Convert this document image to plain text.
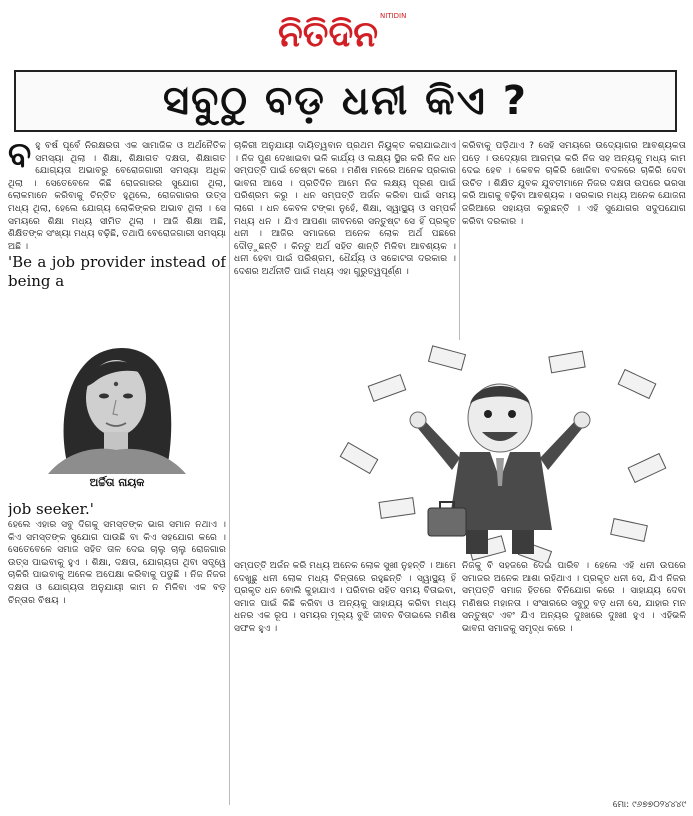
ନିତିଦିନ NITIDIN
ସବୁଠୁ ବଡ଼ ଧନୀ କିଏ ?
ବ ହୁ ବର୍ଷ ପୂର୍ବେ ନିରକ୍ଷରତା ଏକ ସାମାଜିକ ଓ ଅର୍ଥନୈତିକ ସମସ୍ୟା ଥିଲା । ଶିକ୍ଷା, ଶିକ୍ଷାଗତ ଦକ୍ଷତା, ଶିକ୍ଷାଗତ ଯୋଗ୍ୟତା ଅଭାବରୁ ବେରୋଜଗାରୀ ସମସ୍ୟା ଅଧିକ ଥିଲା । ସେତେବେଳେ କିଛି ରୋଜଗାରର ସୁଯୋଗ ଥିଲା, ଲୋକମାନେ କରିବାକୁ ଚିନ୍ତିତ ହୁଥିଲେ, ରୋଜଗାରର ଉତ୍ସ ମଧ୍ୟ ଥିଲା, ହେଲେ ଯୋଗ୍ୟ ଲୋକିଙ୍କର ଅଭାବ ଥିଲା । ସେ ସମୟରେ ଶିକ୍ଷା ମଧ୍ୟ ସୀମିତ ଥିଲା । ଆଜି ଶିକ୍ଷା ଅଛି, ଶିକ୍ଷିତଙ୍କ ସଂଖ୍ୟା ମଧ୍ୟ ବଢ଼ିଛି, ତଥାପି ବେରୋଜଗାରୀ ସମସ୍ୟା ଅଛି ।

'Be a job provider instead of being a

ଅର୍ଚ୍ଚିତା ନାୟକ

job seeker.'

ହେଲେ ଏହାର ସବୁ ଦିଗକୁ ସମସ୍ତଙ୍କ ଭାଗ ସମାନ ନଥାଏ । କିଏ ସମସ୍ତଙ୍କ ସୁଯୋଗ ପାଉଛି ବା କିଏ ସହଯୋଗ କରେ । ସେତେବେଳେ ସମାଜ ସହିତ ତାଳ ଦେଇ ଚାଲୁ ଚାଲୁ ରୋଜଗାର ଉତ୍ସ ପାଇବାକୁ ହୁଏ । ଶିକ୍ଷା, ଦକ୍ଷତା, ଯୋଗ୍ୟତା ଥିବା ସତ୍ତ୍ୱେ ଚାକିରି ପାଇବାକୁ ଅନେକ ଅପେକ୍ଷା କରିବାକୁ ପଡୁଛି । ନିଜ ନିଜର ଦକ୍ଷତା ଓ ଯୋଗ୍ୟତା ଅନୁଯାୟୀ କାମ ନ ମିଳିବା ଏକ ବଡ଼ ଚିନ୍ତାର ବିଷୟ ।

ଚାକିରୀ ଅନୁଯାୟୀ ଦାୟିତ୍ୱବାନ ପ୍ରଥମ ନିୟୁକ୍ତ କରାଯାଇଥାଏ । ନିଜ ପୁଣ ଦେଖାଇବା ଭଳି କାର୍ଯ୍ୟ ଓ ଲକ୍ଷ୍ୟ ସ୍ଥିର କରି ନିଜ ଧନ ସମ୍ପତ୍ତି ପାଇଁ ଚେଷ୍ଟା କରେ । ମଣିଷ ମନରେ ଅନେକ ପ୍ରକାର ଭାବନା ଆସେ । ପ୍ରତିଦିନ ଆମେ ନିଜ ଲକ୍ଷ୍ୟ ପୂରଣ ପାଇଁ ପରିଶ୍ରମ କରୁ । ଧନ ସମ୍ପତ୍ତି ଅର୍ଜନ କରିବା ପାଇଁ ସମୟ ଲାଗେ । ଧନ କେବଳ ଟଙ୍କା ନୁହେଁ, ଶିକ୍ଷା, ସ୍ୱାସ୍ଥ୍ୟ ଓ ସମ୍ପର୍କ ମଧ୍ୟ ଧନ । ଯିଏ ଆପଣା ଜୀବନରେ ସନ୍ତୁଷ୍ଟ ସେ ହିଁ ପ୍ରକୃତ ଧନୀ । ଆଜିର ସମାଜରେ ଅନେକ ଲୋକ ଅର୍ଥ ପଛରେ ଦୌଡ଼ୁଛନ୍ତି । କିନ୍ତୁ ଅର୍ଥ ସହିତ ଶାନ୍ତି ମିଳିବା ଆବଶ୍ୟକ । ଧନୀ ହେବା ପାଇଁ ପରିଶ୍ରମ, ଧୈର୍ଯ୍ୟ ଓ ସଚ୍ଚୋଟତା ଦରକାର । ଦେଶର ଅର୍ଥନୀତି ପାଇଁ ମଧ୍ୟ ଏହା ଗୁରୁତ୍ୱପୂର୍ଣ୍ଣ ।

କରିବାକୁ ପଡ଼ିଥାଏ ? ସେହି ସମୟରେ ଉଦ୍ୟୋଗର ଆବଶ୍ୟକତା ପଡ଼େ । ଉଦ୍ୟୋଗ ଆରମ୍ଭ କରି ନିଜ ସହ ଅନ୍ୟକୁ ମଧ୍ୟ କାମ ଦେଇ ହେବ । କେବଳ ଚାକିରି ଖୋଜିବା ବଦଳରେ ଚାକିରି ଦେବା ଉଚିତ । ଶିକ୍ଷିତ ଯୁବକ ଯୁବତୀମାନେ ନିଜର ଦକ୍ଷତା ଉପରେ ଭରସା କରି ଆଗକୁ ବଢ଼ିବା ଆବଶ୍ୟକ । ସରକାର ମଧ୍ୟ ଅନେକ ଯୋଜନା ଜରିଆରେ ସହାୟତା କରୁଛନ୍ତି । ଏହି ସୁଯୋଗର ସଦୁପଯୋଗ କରିବା ଦରକାର ।

ସମ୍ପତ୍ତି ଅର୍ଜନ କରି ମଧ୍ୟ ଅନେକ ଲୋକ ସୁଖୀ ନୁହନ୍ତି । ଆମେ ଦେଖୁଛୁ ଧନୀ ଲୋକ ମଧ୍ୟ ଚିନ୍ତାରେ ରହୁଛନ୍ତି । ସ୍ୱାସ୍ଥ୍ୟ ହିଁ ପ୍ରକୃତ ଧନ ବୋଲି କୁହାଯାଏ । ପରିବାର ସହିତ ସମୟ ବିତାଇବା, ସମାଜ ପାଇଁ କିଛି କରିବା ଓ ଅନ୍ୟକୁ ସାହାଯ୍ୟ କରିବା ମଧ୍ୟ ଧନର ଏକ ରୂପ । ସମୟର ମୂଲ୍ୟ ବୁଝି ଜୀବନ ବିତାଇଲେ ମଣିଷ ସଫଳ ହୁଏ ।

ନିଜକୁ ବି ସହଜରେ ଦେଇ ପାରିବ । ହେଲେ ଏହି ଧନୀ ଉପରେ ସମାଜର ଅନେକ ଆଶା ରହିଥାଏ । ପ୍ରକୃତ ଧନୀ ସେ, ଯିଏ ନିଜର ସମ୍ପତ୍ତି ସମାଜ ହିତରେ ବିନିଯୋଗ କରେ । ସାହାଯ୍ୟ ଦେବା ମଣିଷର ମହାନତା । ସଂସାରରେ ସବୁଠୁ ବଡ଼ ଧନୀ ସେ, ଯାହାର ମନ ସନ୍ତୁଷ୍ଟ ଏବଂ ଯିଏ ଅନ୍ୟର ଦୁଃଖରେ ଦୁଃଖୀ ହୁଏ । ଏହିଭଳି ଭାବନା ସମାଜକୁ ସମୃଦ୍ଧ କରେ ।

ମୋ: ୯୬୭୭୦୨୪୪୪୯
